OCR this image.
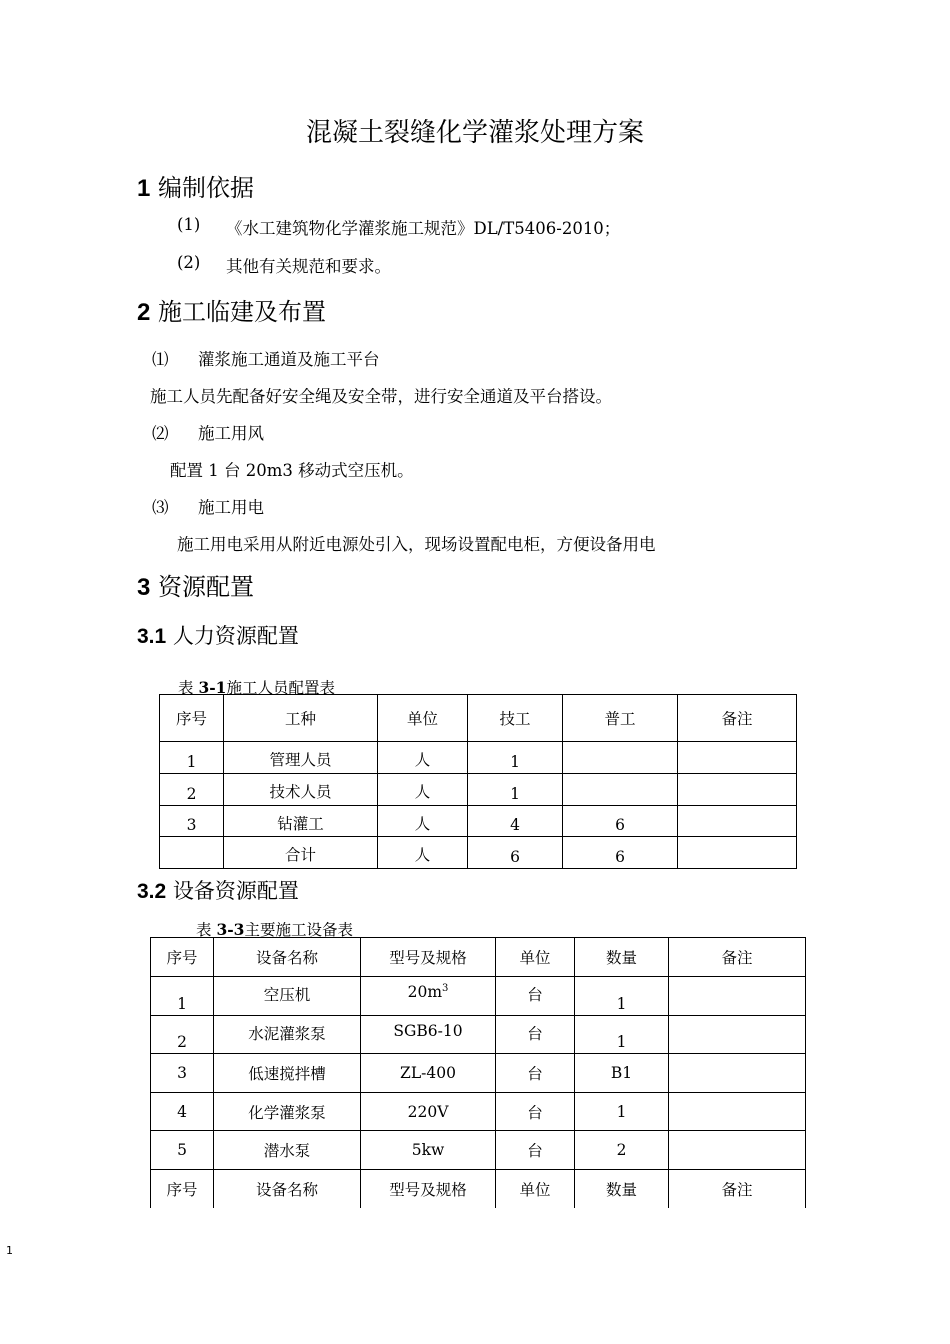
混凝土裂缝化学灌浆处理方案
1 编制依据
(1) 《水工建筑物化学灌浆施工规范》DL/T5406-2010；
(2) 其他有关规范和要求。
2 施工临建及布置
⑴ 灌浆施工通道及施工平台
施工人员先配备好安全绳及安全带，进行安全通道及平台搭设。
⑵ 施工用风
配置 1 台 20m3 移动式空压机。
⑶ 施工用电
施工用电采用从附近电源处引入，现场设置配电柜，方便设备用电
3 资源配置
3.1 人力资源配置
表 3-1施工人员配置表
序号	工种	单位	技工	普工	备注
1	管理人员	人	1		
2	技术人员	人	1		
3	钻灌工	人	4	6	
	合计	人	6	6	
3.2 设备资源配置
表 3-3主要施工设备表
序号	设备名称	型号及规格	单位	数量	备注
1	空压机	$20m^3$	台	1	
2	水泥灌浆泵	SGB6-10	台	1	
3	低速搅拌槽	ZL-400	台	B1	
4	化学灌浆泵	220V	台	1	
5	潜水泵	5kw	台	2	
序号	设备名称	型号及规格	单位	数量	备注
1
